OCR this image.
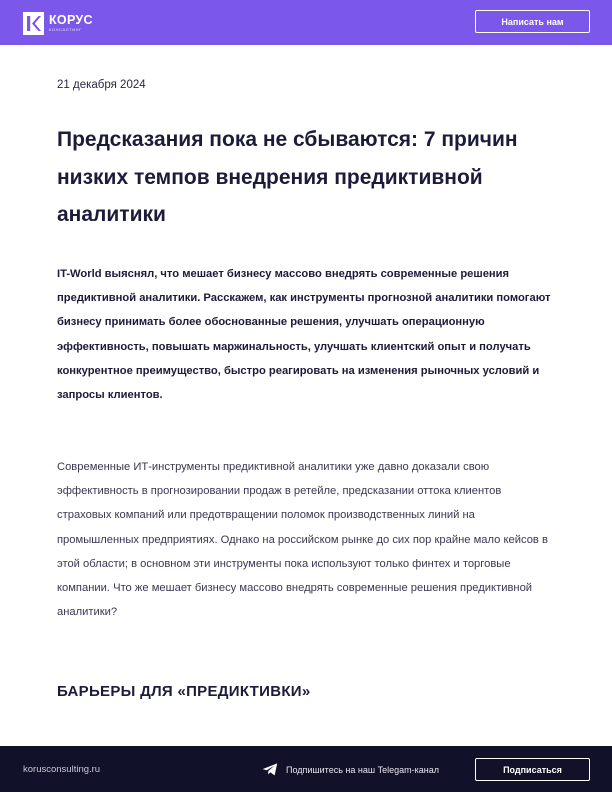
КОРУС
КОНСАЛТИНГ
Написать нам
21 декабря 2024
Предсказания пока не сбываются: 7 причин низких темпов внедрения предиктивной аналитики

IT-World выяснял, что мешает бизнесу массово внедрять современные решения предиктивной аналитики. Расскажем, как инструменты прогнозной аналитики помогают бизнесу принимать более обоснованные решения, улучшать операционную эффективность, повышать маржинальность, улучшать клиентский опыт и получать конкурентное преимущество, быстро реагировать на изменения рыночных условий и запросы клиентов.

Современные ИТ-инструменты предиктивной аналитики уже давно доказали свою эффективность в прогнозировании продаж в ретейле, предсказании оттока клиентов страховых компаний или предотвращении поломок производственных линий на промышленных предприятиях. Однако на российском рынке до сих пор крайне мало кейсов в этой области; в основном эти инструменты пока используют только финтех и торговые компании. Что же мешает бизнесу массово внедрять современные решения предиктивной аналитики?

БАРЬЕРЫ ДЛЯ «ПРЕДИКТИВКИ»
korusconsulting.ru	Подпишитесь на наш Telegam-канал	Подписаться
